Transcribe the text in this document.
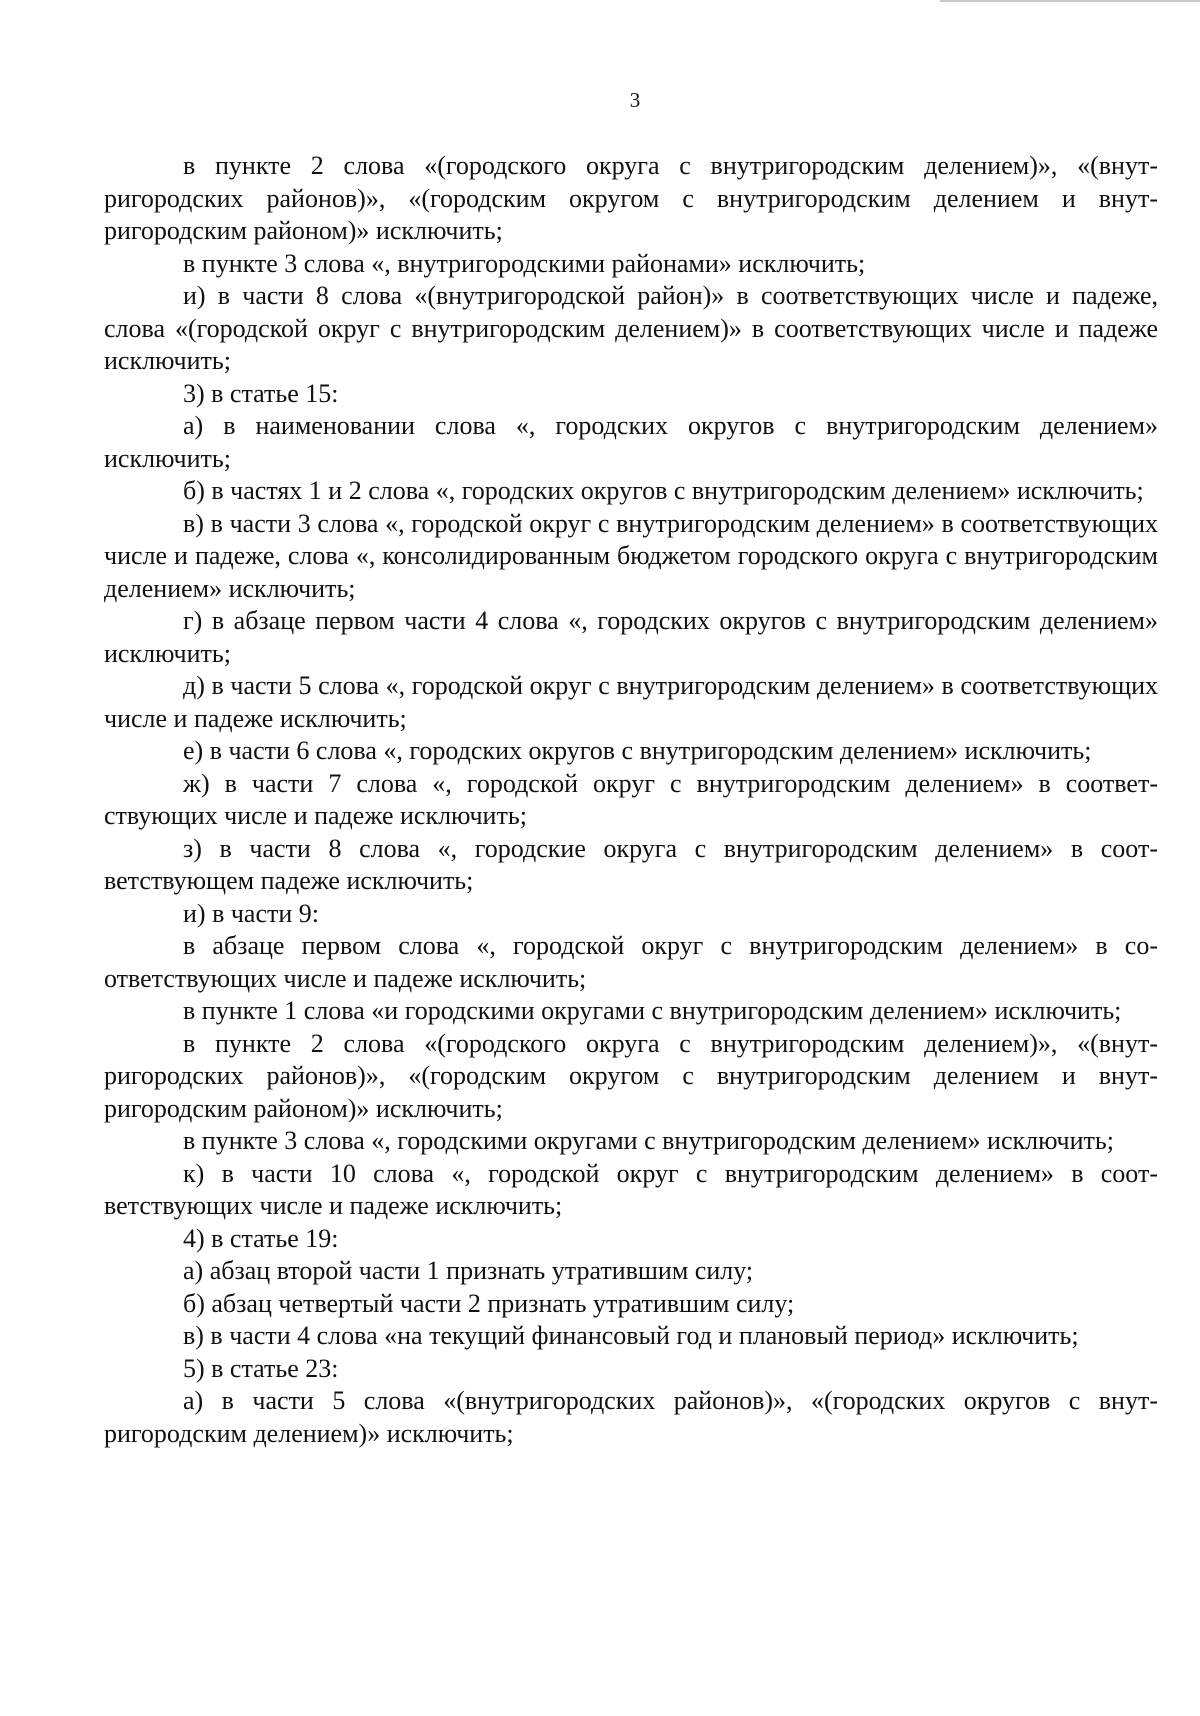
3

в пункте 2 слова «(городского округа с внутригородским делением)», «(внутригородских районов)», «(городским округом с внутригородским делением и внутригородским районом)» исключить;

в пункте 3 слова «, внутригородскими районами» исключить;

и) в части 8 слова «(внутригородской район)» в соответствующих числе и падеже, слова «(городской округ с внутригородским делением)» в соответствующих числе и падеже исключить;

3) в статье 15:

а) в наименовании слова «, городских округов с внутригородским делением» исключить;

б) в частях 1 и 2 слова «, городских округов с внутригородским делением» исключить;

в) в части 3 слова «, городской округ с внутригородским делением» в соответствующих числе и падеже, слова «, консолидированным бюджетом городского округа с внутригородским делением» исключить;

г) в абзаце первом части 4 слова «, городских округов с внутригородским делением» исключить;

д) в части 5 слова «, городской округ с внутригородским делением» в соответствующих числе и падеже исключить;

е) в части 6 слова «, городских округов с внутригородским делением» исключить;

ж) в части 7 слова «, городской округ с внутригородским делением» в соответствующих числе и падеже исключить;

з) в части 8 слова «, городские округа с внутригородским делением» в соответствующем падеже исключить;

и) в части 9:

в абзаце первом слова «, городской округ с внутригородским делением» в соответствующих числе и падеже исключить;

в пункте 1 слова «и городскими округами с внутригородским делением» исключить;

в пункте 2 слова «(городского округа с внутригородским делением)», «(внутригородских районов)», «(городским округом с внутригородским делением и внутригородским районом)» исключить;

в пункте 3 слова «, городскими округами с внутригородским делением» исключить;

к) в части 10 слова «, городской округ с внутригородским делением» в соответствующих числе и падеже исключить;

4) в статье 19:

а) абзац второй части 1 признать утратившим силу;

б) абзац четвертый части 2 признать утратившим силу;

в) в части 4 слова «на текущий финансовый год и плановый период» исключить;

5) в статье 23:

а) в части 5 слова «(внутригородских районов)», «(городских округов с внутригородским делением)» исключить;
